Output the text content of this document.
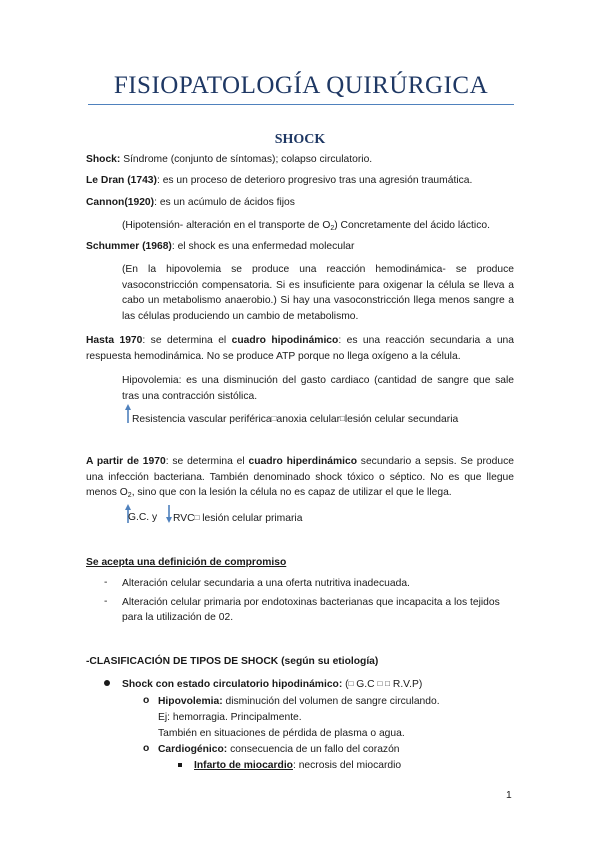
FISIOPATOLOGÍA QUIRÚRGICA
SHOCK
Shock: Síndrome (conjunto de síntomas); colapso circulatorio.
Le Dran (1743): es un proceso de deterioro progresivo tras una agresión traumática.
Cannon(1920): es un acúmulo de ácidos fijos
(Hipotensión- alteración en el transporte de $O_2$) Concretamente del ácido láctico.
Schummer (1968): el shock es una enfermedad molecular
(En la hipovolemia se produce una reacción hemodinámica- se produce
vasoconstricción compensatoria. Si es insuficiente para oxigenar la célula se lleva a
cabo un metabolismo anaerobio.) Si hay una vasoconstricción llega menos sangre a
las células produciendo un cambio de metabolismo.
Hasta 1970: se determina el cuadro hipodinámico: es una reacción secundaria a una
respuesta hemodinámica. No se produce ATP porque no llega oxígeno a la célula.
Hipovolemia: es una disminución del gasto cardiaco (cantidad de sangre que sale
tras una contracción sistólica.
Resistencia vascular periférica□anoxia celular□lesión celular secundaria
A partir de 1970: se determina el cuadro hiperdinámico secundario a sepsis. Se produce
una infección bacteriana. También denominado shock tóxico o séptico. No es que llegue
menos $O_2$, sino que con la lesión la célula no es capaz de utilizar el que le llega.
G.C. y RVC□ lesión celular primaria
Se acepta una definición de compromiso
- Alteración celular secundaria a una oferta nutritiva inadecuada.
- Alteración celular primaria por endotoxinas bacterianas que incapacita a los tejidos
para la utilización de 02.
-CLASIFICACIÓN DE TIPOS DE SHOCK (según su etiología)
Shock con estado circulatorio hipodinámico: (□ G.C □ □ R.V.P)
o Hipovolemia: disminución del volumen de sangre circulando.
Ej: hemorragia. Principalmente.
También en situaciones de pérdida de plasma o agua.
o Cardiogénico: consecuencia de un fallo del corazón
Infarto de miocardio: necrosis del miocardio
1
